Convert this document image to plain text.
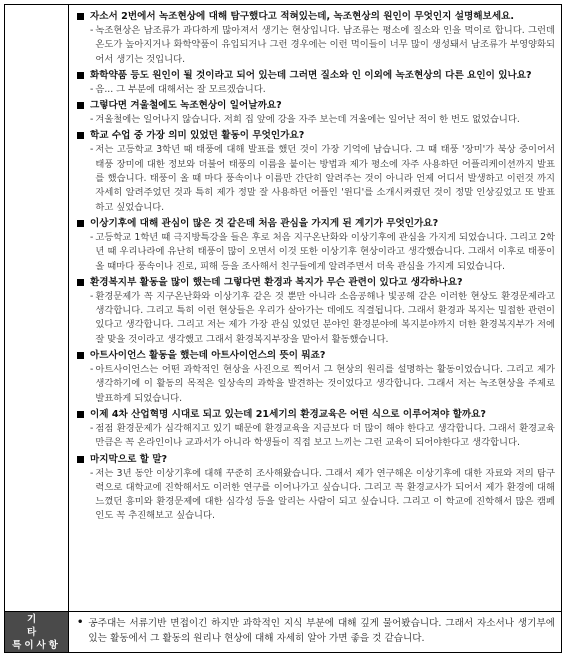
자소서 2번에서 녹조현상에 대해 탐구했다고 적혀있는데, 녹조현상의 원인이 무엇인지 설명해보세요.
- 녹조현상은 남조류가 과다하게 많아져서 생기는 현상입니다. 남조류는 평소에 질소와 인을 먹이로 합니다. 그런데 온도가 높아지거나 화학약품이 유입되거나 그런 경우에는 이런 먹이들이 너무 많이 생성돼서 남조류가 부영양화되어서 생기는 것입니다.

화학약품 등도 원인이 될 것이라고 되어 있는데 그러면 질소와 인 이외에 녹조현상의 다른 요인이 있나요?
- 음... 그 부분에 대해서는 잘 모르겠습니다.

그렇다면 겨울철에도 녹조현상이 일어날까요?
- 겨울철에는 일어나지 않습니다. 저희 집 앞에 강을 자주 보는데 겨울에는 일어난 적이 한 번도 없었습니다.

학교 수업 중 가장 의미 있었던 활동이 무엇인가요?
- 저는 고등학교 3학년 때 태풍에 대해 발표를 했던 것이 가장 기억에 남습니다. 그 때 태풍 '장미'가 북상 중이어서 태풍 장미에 대한 정보와 더불어 태풍의 이름을 붙이는 방법과 제가 평소에 자주 사용하던 어플리케이션까지 발표를 했습니다. 태풍이 올 때 마다 풍속이나 이름만 간단히 알려주는 것이 아니라 언제 어디서 발생하고 이런것 까지 자세히 알려주었던 것과 특히 제가 정말 잘 사용하던 어플인 '윈디'를 소개시켜줬던 것이 정말 인상깊었고 또 발표하고 싶었습니다.

이상기후에 대해 관심이 많은 것 같은데 처음 관심을 가지게 된 계기가 무엇인가요?
- 고등학교 1학년 때 극지방특강을 들은 후로 처음 지구온난화와 이상기후에 관심을 가지게 되었습니다. 그리고 2학년 때 우리나라에 유난히 태풍이 많이 오면서 이것 또한 이상기후 현상이라고 생각했습니다. 그래서 이후로 태풍이 올 때마다 풍속이나 진로, 피해 등을 조사해서 친구들에게 알려주면서 더욱 관심을 가지게 되었습니다.

환경복지부 활동을 많이 했는데 그렇다면 환경과 복지가 무슨 관련이 있다고 생각하나요?
- 환경문제가 꼭 지구온난화와 이상기후 같은 것 뿐만 아니라 소음공해나 빛공해 같은 이러한 현상도 환경문제라고 생각합니다. 그리고 특히 이런 현상들은 우리가 살아가는 데에도 직결됩니다. 그래서 환경과 복지는 밀접한 관련이 있다고 생각합니다. 그리고 저는 제가 가장 관심 있었던 분야인 환경분야에 복지분야까지 더한 환경복지부가 저에 잘 맞을 것이라고 생각했고 그래서 환경복지부장을 맡아서 활동했습니다.

아트사이언스 활동을 했는데 아트사이언스의 뜻이 뭐죠?
- 아트사이언스는 어떤 과학적인 현상을 사진으로 찍어서 그 현상의 원리를 설명하는 활동이었습니다. 그리고 제가 생각하기에 이 활동의 목적은 일상속의 과학을 발견하는 것이었다고 생각합니다. 그래서 저는 녹조현상을 주제로 발표하게 되었습니다.

이제 4차 산업혁명 시대로 되고 있는데 21세기의 환경교육은 어떤 식으로 이루어져야 할까요?
- 점점 환경문제가 심각해지고 있기 때문에 환경교육을 지금보다 더 많이 해야 한다고 생각합니다. 그래서 환경교육만큼은 꼭 온라인이나 교과서가 아니라 학생들이 직접 보고 느끼는 그런 교육이 되어야한다고 생각합니다.

마지막으로 할 말?
- 저는 3년 동안 이상기후에 대해 꾸준히 조사해왔습니다. 그래서 제가 연구해온 이상기후에 대한 자료와 저의 탐구력으로 대학교에 진학해서도 이러한 연구를 이어나가고 싶습니다. 그리고 꼭 환경교사가 되어서 제가 환경에 대해 느꼈던 흥미와 환경문제에 대한 심각성 등을 알리는 사람이 되고 싶습니다. 그리고 이 학교에 진학해서 많은 캠페인도 꼭 추진해보고 싶습니다.

기타
특이사항
• 공주대는 서류기반 면접이긴 하지만 과학적인 지식 부분에 대해 깊게 물어봤습니다. 그래서 자소서나 생기부에 있는 활동에서 그 활동의 원리나 현상에 대해 자세히 알아 가면 좋을 것 같습니다.
